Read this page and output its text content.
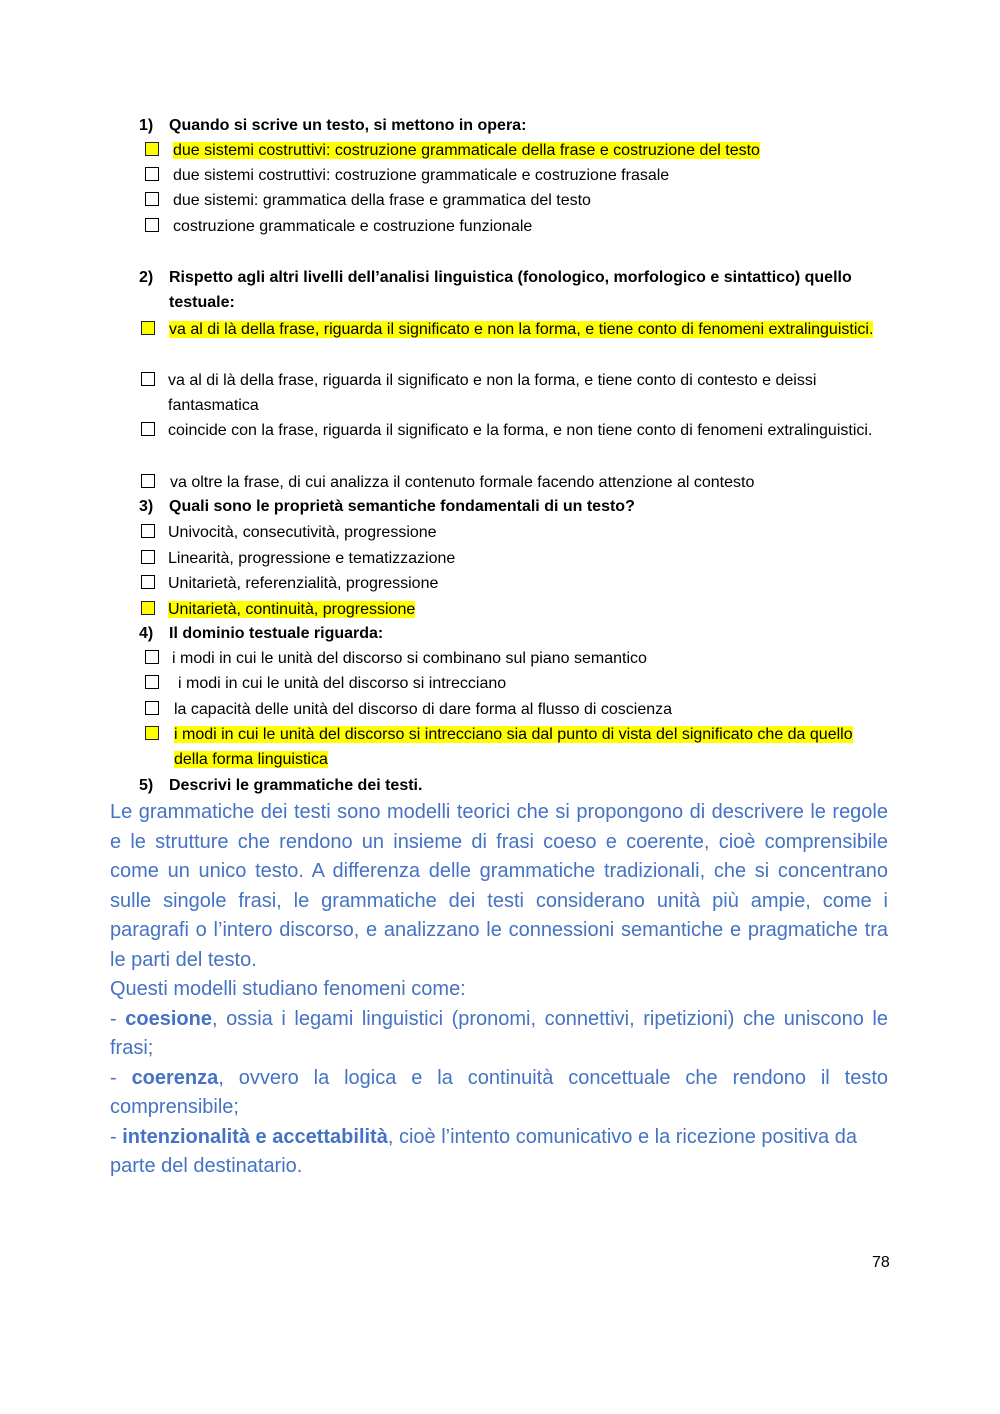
1) Quando si scrive un testo, si mettono in opera:
due sistemi costruttivi: costruzione grammaticale della frase e costruzione del testo
due sistemi costruttivi: costruzione grammaticale e costruzione frasale
due sistemi: grammatica della frase e grammatica del testo
costruzione grammaticale e costruzione funzionale
2) Rispetto agli altri livelli dell’analisi linguistica (fonologico, morfologico e sintattico) quello testuale:
va al di là della frase, riguarda il significato e non la forma, e tiene conto di fenomeni extralinguistici.
va al di là della frase, riguarda il significato e non la forma, e tiene conto di contesto e deissi fantasmatica
coincide con la frase, riguarda il significato e la forma, e non tiene conto di fenomeni extralinguistici.
va oltre la frase, di cui analizza il contenuto formale facendo attenzione al contesto
3) Quali sono le proprietà semantiche fondamentali di un testo?
Univocità, consecutività, progressione
Linearità, progressione e tematizzazione
Unitarietà, referenzialità, progressione
Unitarietà, continuità, progressione
4) Il dominio testuale riguarda:
i modi in cui le unità del discorso si combinano sul piano semantico
i modi in cui le unità del discorso si intrecciano
la capacità delle unità del discorso di dare forma al flusso di coscienza
i modi in cui le unità del discorso si intrecciano sia dal punto di vista del significato che da quello della forma linguistica
5) Descrivi le grammatiche dei testi.

Le grammatiche dei testi sono modelli teorici che si propongono di descrivere le regole e le strutture che rendono un insieme di frasi coeso e coerente, cioè comprensibile come un unico testo. A differenza delle grammatiche tradizionali, che si concentrano sulle singole frasi, le grammatiche dei testi considerano unità più ampie, come i paragrafi o l’intero discorso, e analizzano le connessioni semantiche e pragmatiche tra le parti del testo.

Questi modelli studiano fenomeni come:

- coesione, ossia i legami linguistici (pronomi, connettivi, ripetizioni) che uniscono le frasi;

- coerenza, ovvero la logica e la continuità concettuale che rendono il testo comprensibile;

- intenzionalità e accettabilità, cioè l’intento comunicativo e la ricezione positiva da parte del destinatario.

78
